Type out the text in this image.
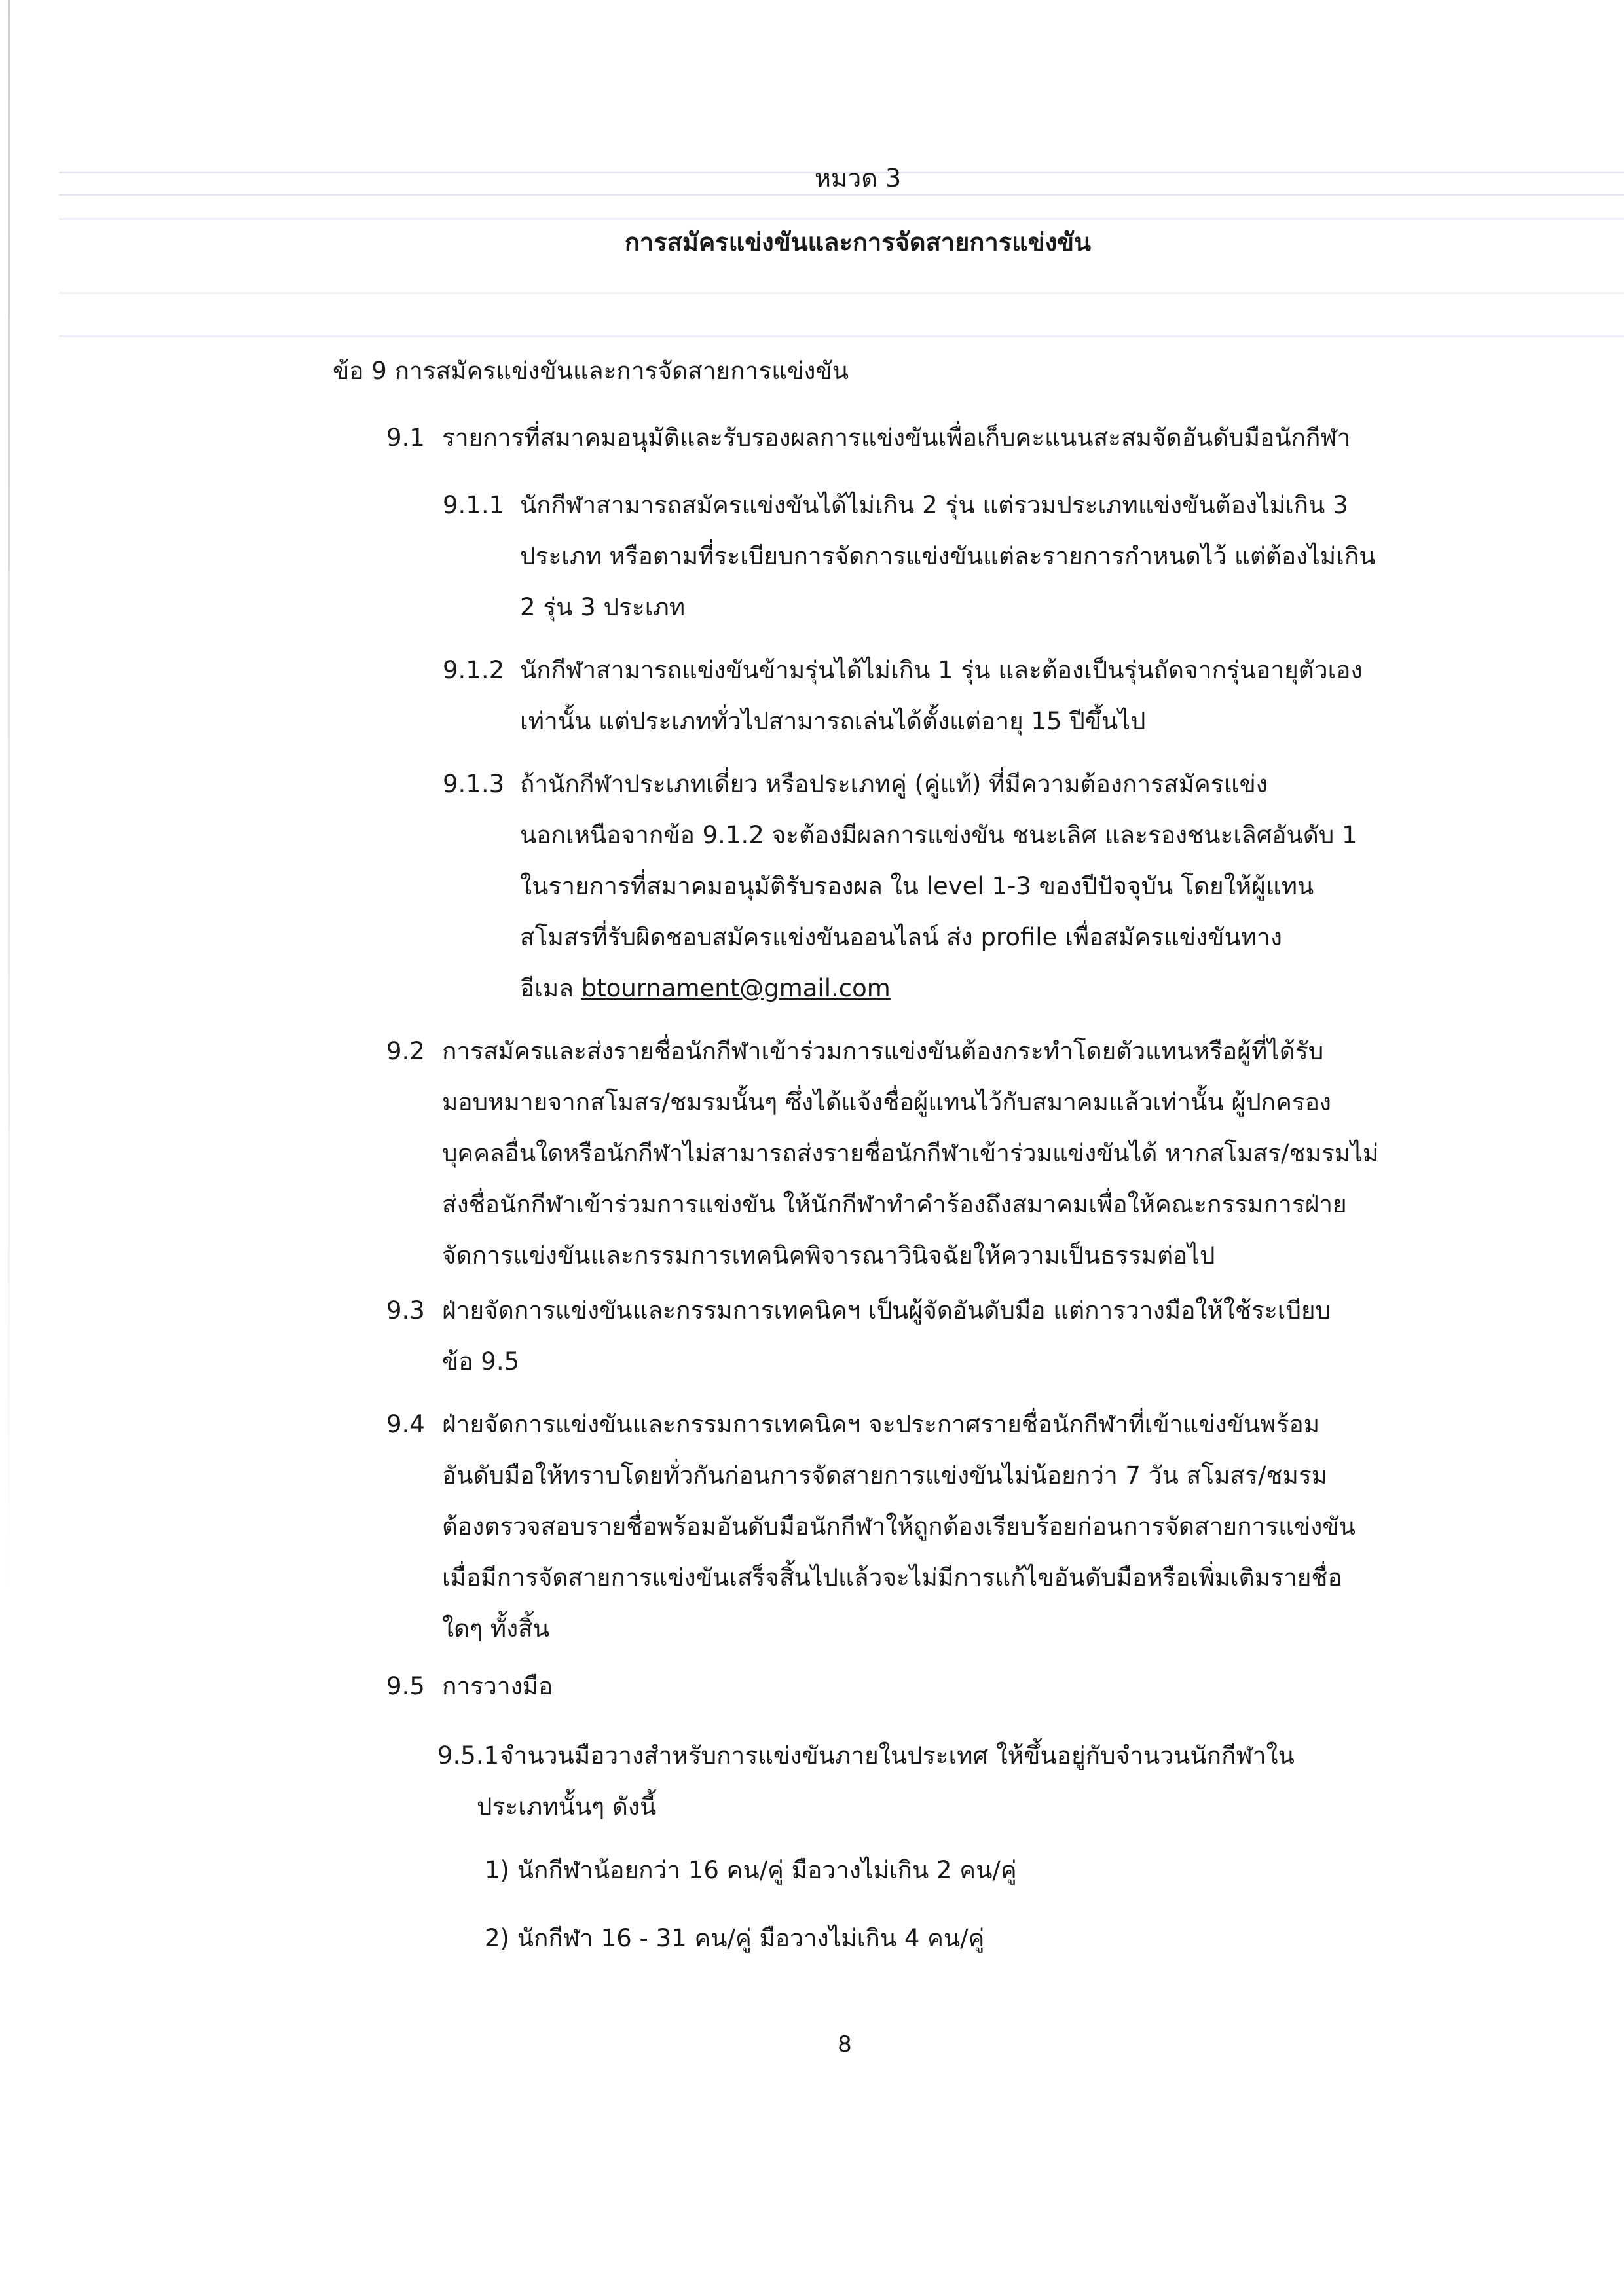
หมวด 3
การสมัครแข่งขันและการจัดสายการแข่งขัน
ข้อ 9 การสมัครแข่งขันและการจัดสายการแข่งขัน
9.1 รายการที่สมาคมอนุมัติและรับรองผลการแข่งขันเพื่อเก็บคะแนนสะสมจัดอันดับมือนักกีฬา
9.1.1 นักกีฬาสามารถสมัครแข่งขันได้ไม่เกิน 2 รุ่น แต่รวมประเภทแข่งขันต้องไม่เกิน 3
ประเภท หรือตามที่ระเบียบการจัดการแข่งขันแต่ละรายการกำหนดไว้ แต่ต้องไม่เกิน
2 รุ่น 3 ประเภท
9.1.2 นักกีฬาสามารถแข่งขันข้ามรุ่นได้ไม่เกิน 1 รุ่น และต้องเป็นรุ่นถัดจากรุ่นอายุตัวเอง
เท่านั้น แต่ประเภททั่วไปสามารถเล่นได้ตั้งแต่อายุ 15 ปีขึ้นไป
9.1.3 ถ้านักกีฬาประเภทเดี่ยว หรือประเภทคู่ (คู่แท้) ที่มีความต้องการสมัครแข่ง
นอกเหนือจากข้อ 9.1.2 จะต้องมีผลการแข่งขัน ชนะเลิศ และรองชนะเลิศอันดับ 1
ในรายการที่สมาคมอนุมัติรับรองผล ใน level 1-3 ของปีปัจจุบัน โดยให้ผู้แทน
สโมสรที่รับผิดชอบสมัครแข่งขันออนไลน์ ส่ง profile เพื่อสมัครแข่งขันทาง
อีเมล btournament@gmail.com
9.2 การสมัครและส่งรายชื่อนักกีฬาเข้าร่วมการแข่งขันต้องกระทำโดยตัวแทนหรือผู้ที่ได้รับ
มอบหมายจากสโมสร/ชมรมนั้นๆ ซึ่งได้แจ้งชื่อผู้แทนไว้กับสมาคมแล้วเท่านั้น ผู้ปกครอง
บุคคลอื่นใดหรือนักกีฬาไม่สามารถส่งรายชื่อนักกีฬาเข้าร่วมแข่งขันได้ หากสโมสร/ชมรมไม่
ส่งชื่อนักกีฬาเข้าร่วมการแข่งขัน ให้นักกีฬาทำคำร้องถึงสมาคมเพื่อให้คณะกรรมการฝ่าย
จัดการแข่งขันและกรรมการเทคนิคพิจารณาวินิจฉัยให้ความเป็นธรรมต่อไป
9.3 ฝ่ายจัดการแข่งขันและกรรมการเทคนิคฯ เป็นผู้จัดอันดับมือ แต่การวางมือให้ใช้ระเบียบ
ข้อ 9.5
9.4 ฝ่ายจัดการแข่งขันและกรรมการเทคนิคฯ จะประกาศรายชื่อนักกีฬาที่เข้าแข่งขันพร้อม
อันดับมือให้ทราบโดยทั่วกันก่อนการจัดสายการแข่งขันไม่น้อยกว่า 7 วัน สโมสร/ชมรม
ต้องตรวจสอบรายชื่อพร้อมอันดับมือนักกีฬาให้ถูกต้องเรียบร้อยก่อนการจัดสายการแข่งขัน
เมื่อมีการจัดสายการแข่งขันเสร็จสิ้นไปแล้วจะไม่มีการแก้ไขอันดับมือหรือเพิ่มเติมรายชื่อ
ใดๆ ทั้งสิ้น
9.5 การวางมือ
9.5.1 จำนวนมือวางสำหรับการแข่งขันภายในประเทศ ให้ขึ้นอยู่กับจำนวนนักกีฬาใน
ประเภทนั้นๆ ดังนี้
1) นักกีฬาน้อยกว่า 16 คน/คู่ มือวางไม่เกิน 2 คน/คู่
2) นักกีฬา 16 - 31 คน/คู่ มือวางไม่เกิน 4 คน/คู่
8
